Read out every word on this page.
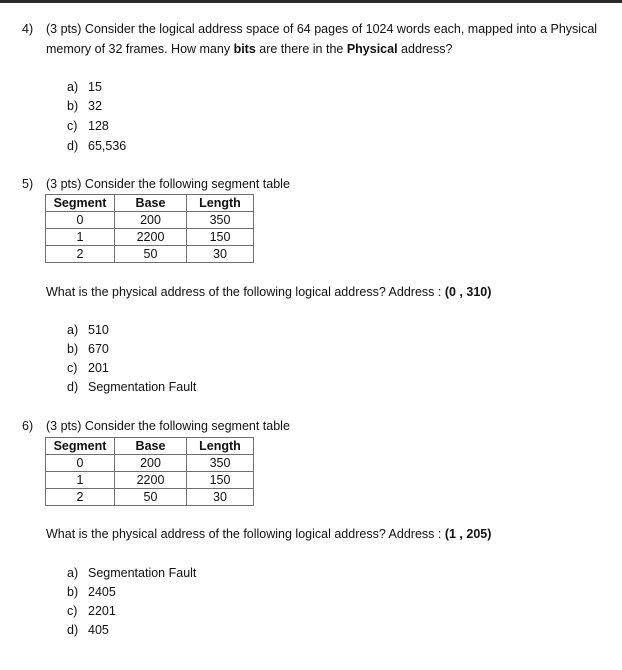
4) (3 pts) Consider the logical address space of 64 pages of 1024 words each, mapped into a Physical
memory of 32 frames. How many bits are there in the Physical address?
a) 15
b) 32
c) 128
d) 65,536
5) (3 pts) Consider the following segment table
Segment	Base	Length
0	200	350
1	2200	150
2	50	30
What is the physical address of the following logical address? Address : (0 , 310)
a) 510
b) 670
c) 201
d) Segmentation Fault
6) (3 pts) Consider the following segment table
Segment	Base	Length
0	200	350
1	2200	150
2	50	30
What is the physical address of the following logical address? Address : (1 , 205)
a) Segmentation Fault
b) 2405
c) 2201
d) 405
